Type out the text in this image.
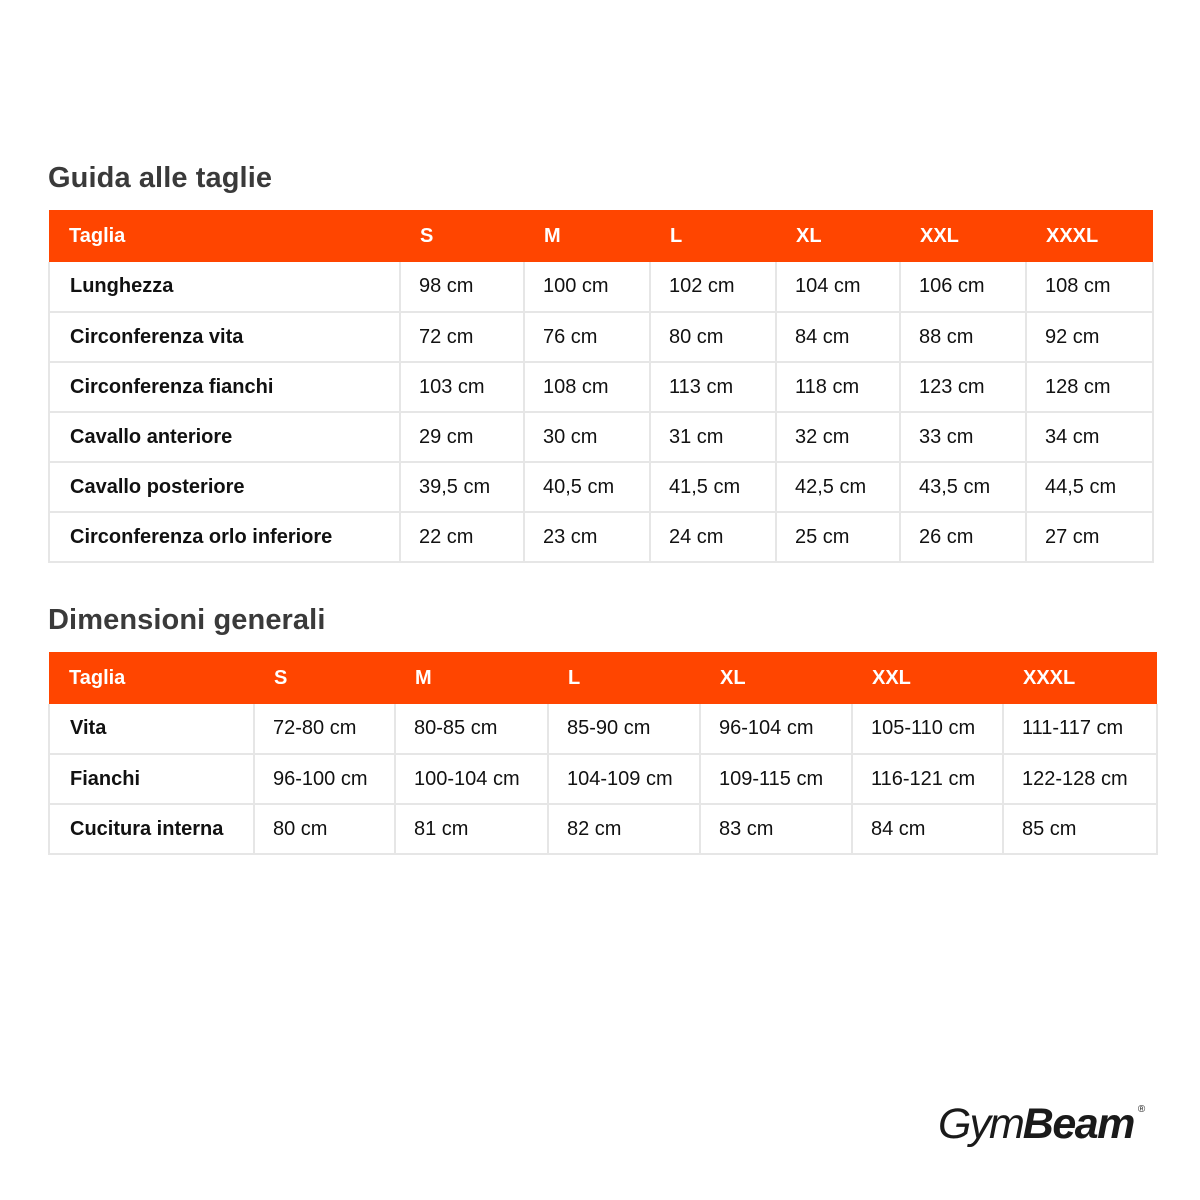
Guida alle taglie
Taglia	S	M	L	XL	XXL	XXXL
Lunghezza	98 cm	100 cm	102 cm	104 cm	106 cm	108 cm
Circonferenza vita	72 cm	76 cm	80 cm	84 cm	88 cm	92 cm
Circonferenza fianchi	103 cm	108 cm	113 cm	118 cm	123 cm	128 cm
Cavallo anteriore	29 cm	30 cm	31 cm	32 cm	33 cm	34 cm
Cavallo posteriore	39,5 cm	40,5 cm	41,5 cm	42,5 cm	43,5 cm	44,5 cm
Circonferenza orlo inferiore	22 cm	23 cm	24 cm	25 cm	26 cm	27 cm
Dimensioni generali
Taglia	S	M	L	XL	XXL	XXXL
Vita	72-80 cm	80-85 cm	85-90 cm	96-104 cm	105-110 cm	111-117 cm
Fianchi	96-100 cm	100-104 cm	104-109 cm	109-115 cm	116-121 cm	122-128 cm
Cucitura interna	80 cm	81 cm	82 cm	83 cm	84 cm	85 cm
GymBeam ®
